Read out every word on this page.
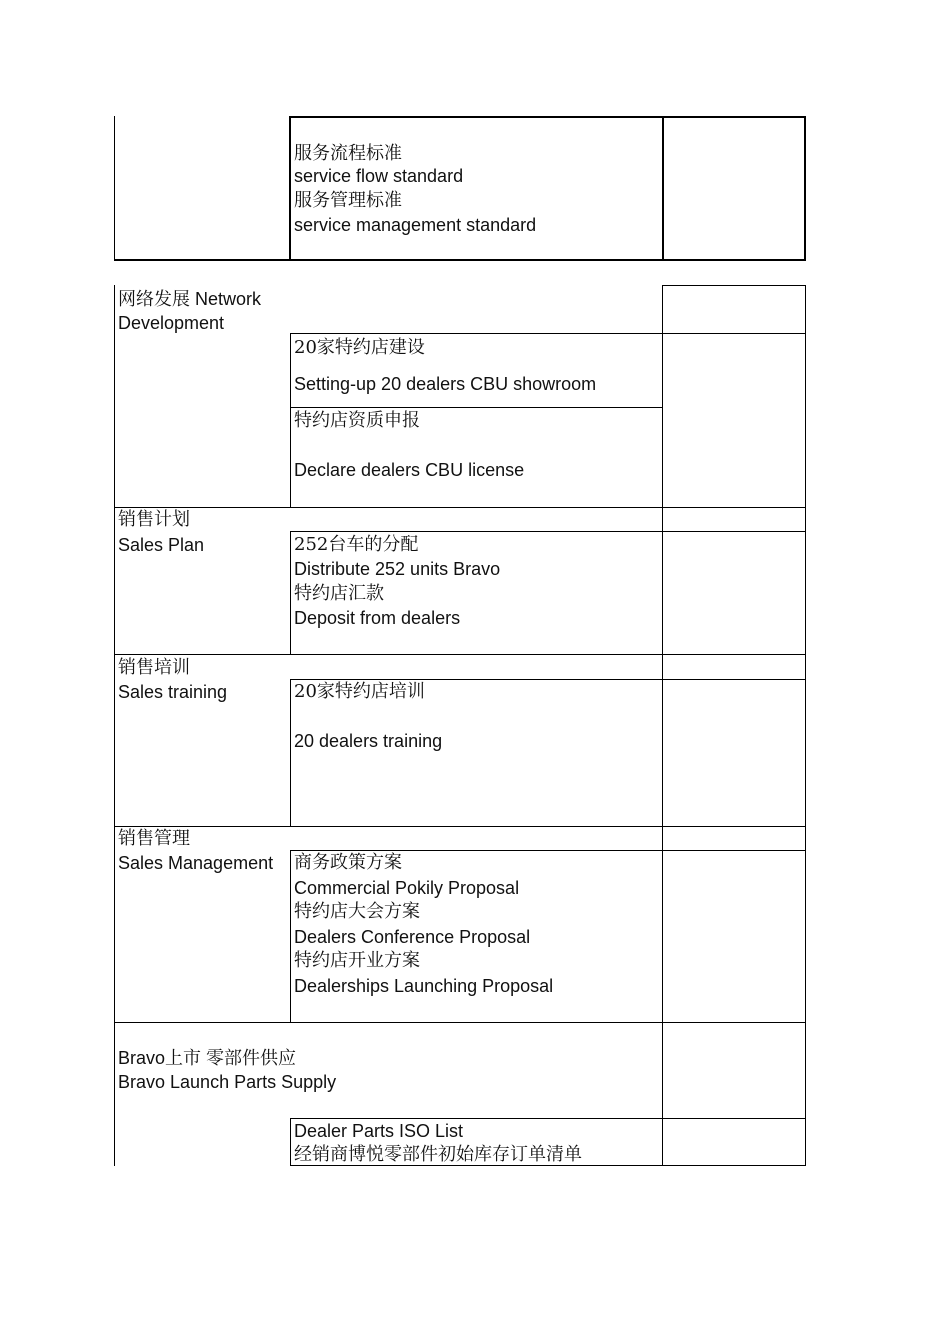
服务流程标准
service flow standard
服务管理标准
service management standard
网络发展 Network
Development
20家特约店建设
Setting-up 20 dealers CBU showroom
特约店资质申报
Declare dealers CBU license
销售计划
Sales Plan	252台车的分配
Distribute 252 units Bravo
特约店汇款
Deposit from dealers
销售培训
Sales training	20家特约店培训
20 dealers training
销售管理
Sales Management 商务政策方案
Commercial Pokily Proposal
特约店大会方案
Dealers Conference Proposal
特约店开业方案
Dealerships Launching Proposal
Bravo上市 零部件供应
Bravo Launch Parts Supply
Dealer Parts ISO List
经销商博悦零部件初始库存订单清单
